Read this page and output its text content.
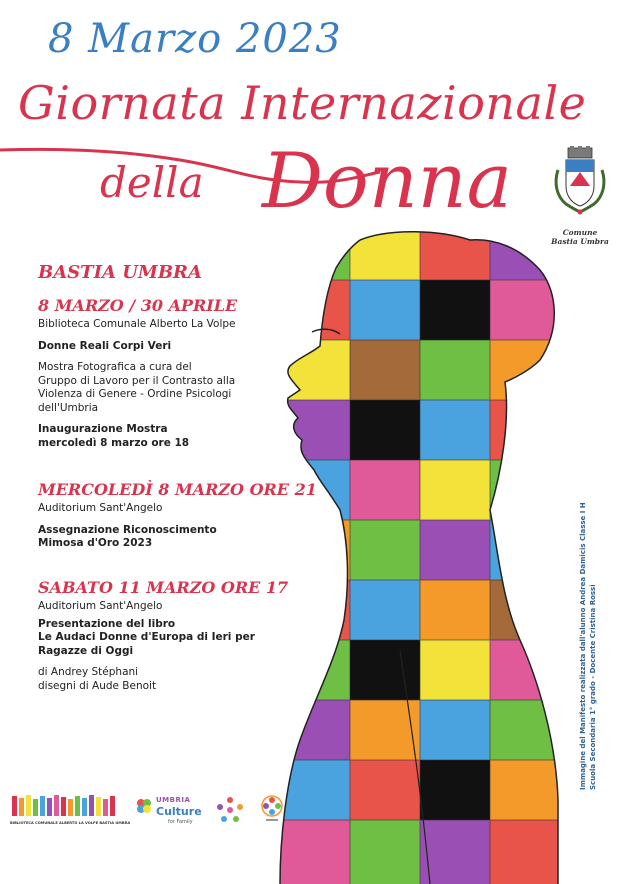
8 Marzo 2023
Giornata Internazionale
della Donna
Comune
Bastia Umbra
BASTIA UMBRA
8 MARZO / 30 APRILE
Biblioteca Comunale Alberto La Volpe
Donne Reali Corpi Veri
Mostra Fotografica a cura del
Gruppo di Lavoro per il Contrasto alla
Violenza di Genere - Ordine Psicologi
dell'Umbria
Inaugurazione Mostra
mercoledì 8 marzo ore 18
MERCOLEDÌ 8 MARZO ORE 21
Auditorium Sant'Angelo
Assegnazione Riconoscimento
Mimosa d'Oro 2023
SABATO 11 MARZO ORE 17
Auditorium Sant'Angelo
Presentazione del libro
Le Audaci Donne d'Europa di Ieri per
Ragazze di Oggi
di Andrey Stéphani
disegni di Aude Benoit	Immagine del Manifesto realizzata dall'alunno Andrea Damicis Classe I H Scuola Secondaria 1° grado - Docente Cristina Rossi
BIBLIOTECA COMUNALE ALBERTO LA VOLPE BASTIA UMBRA
UMBRIA
Culture
for Family
